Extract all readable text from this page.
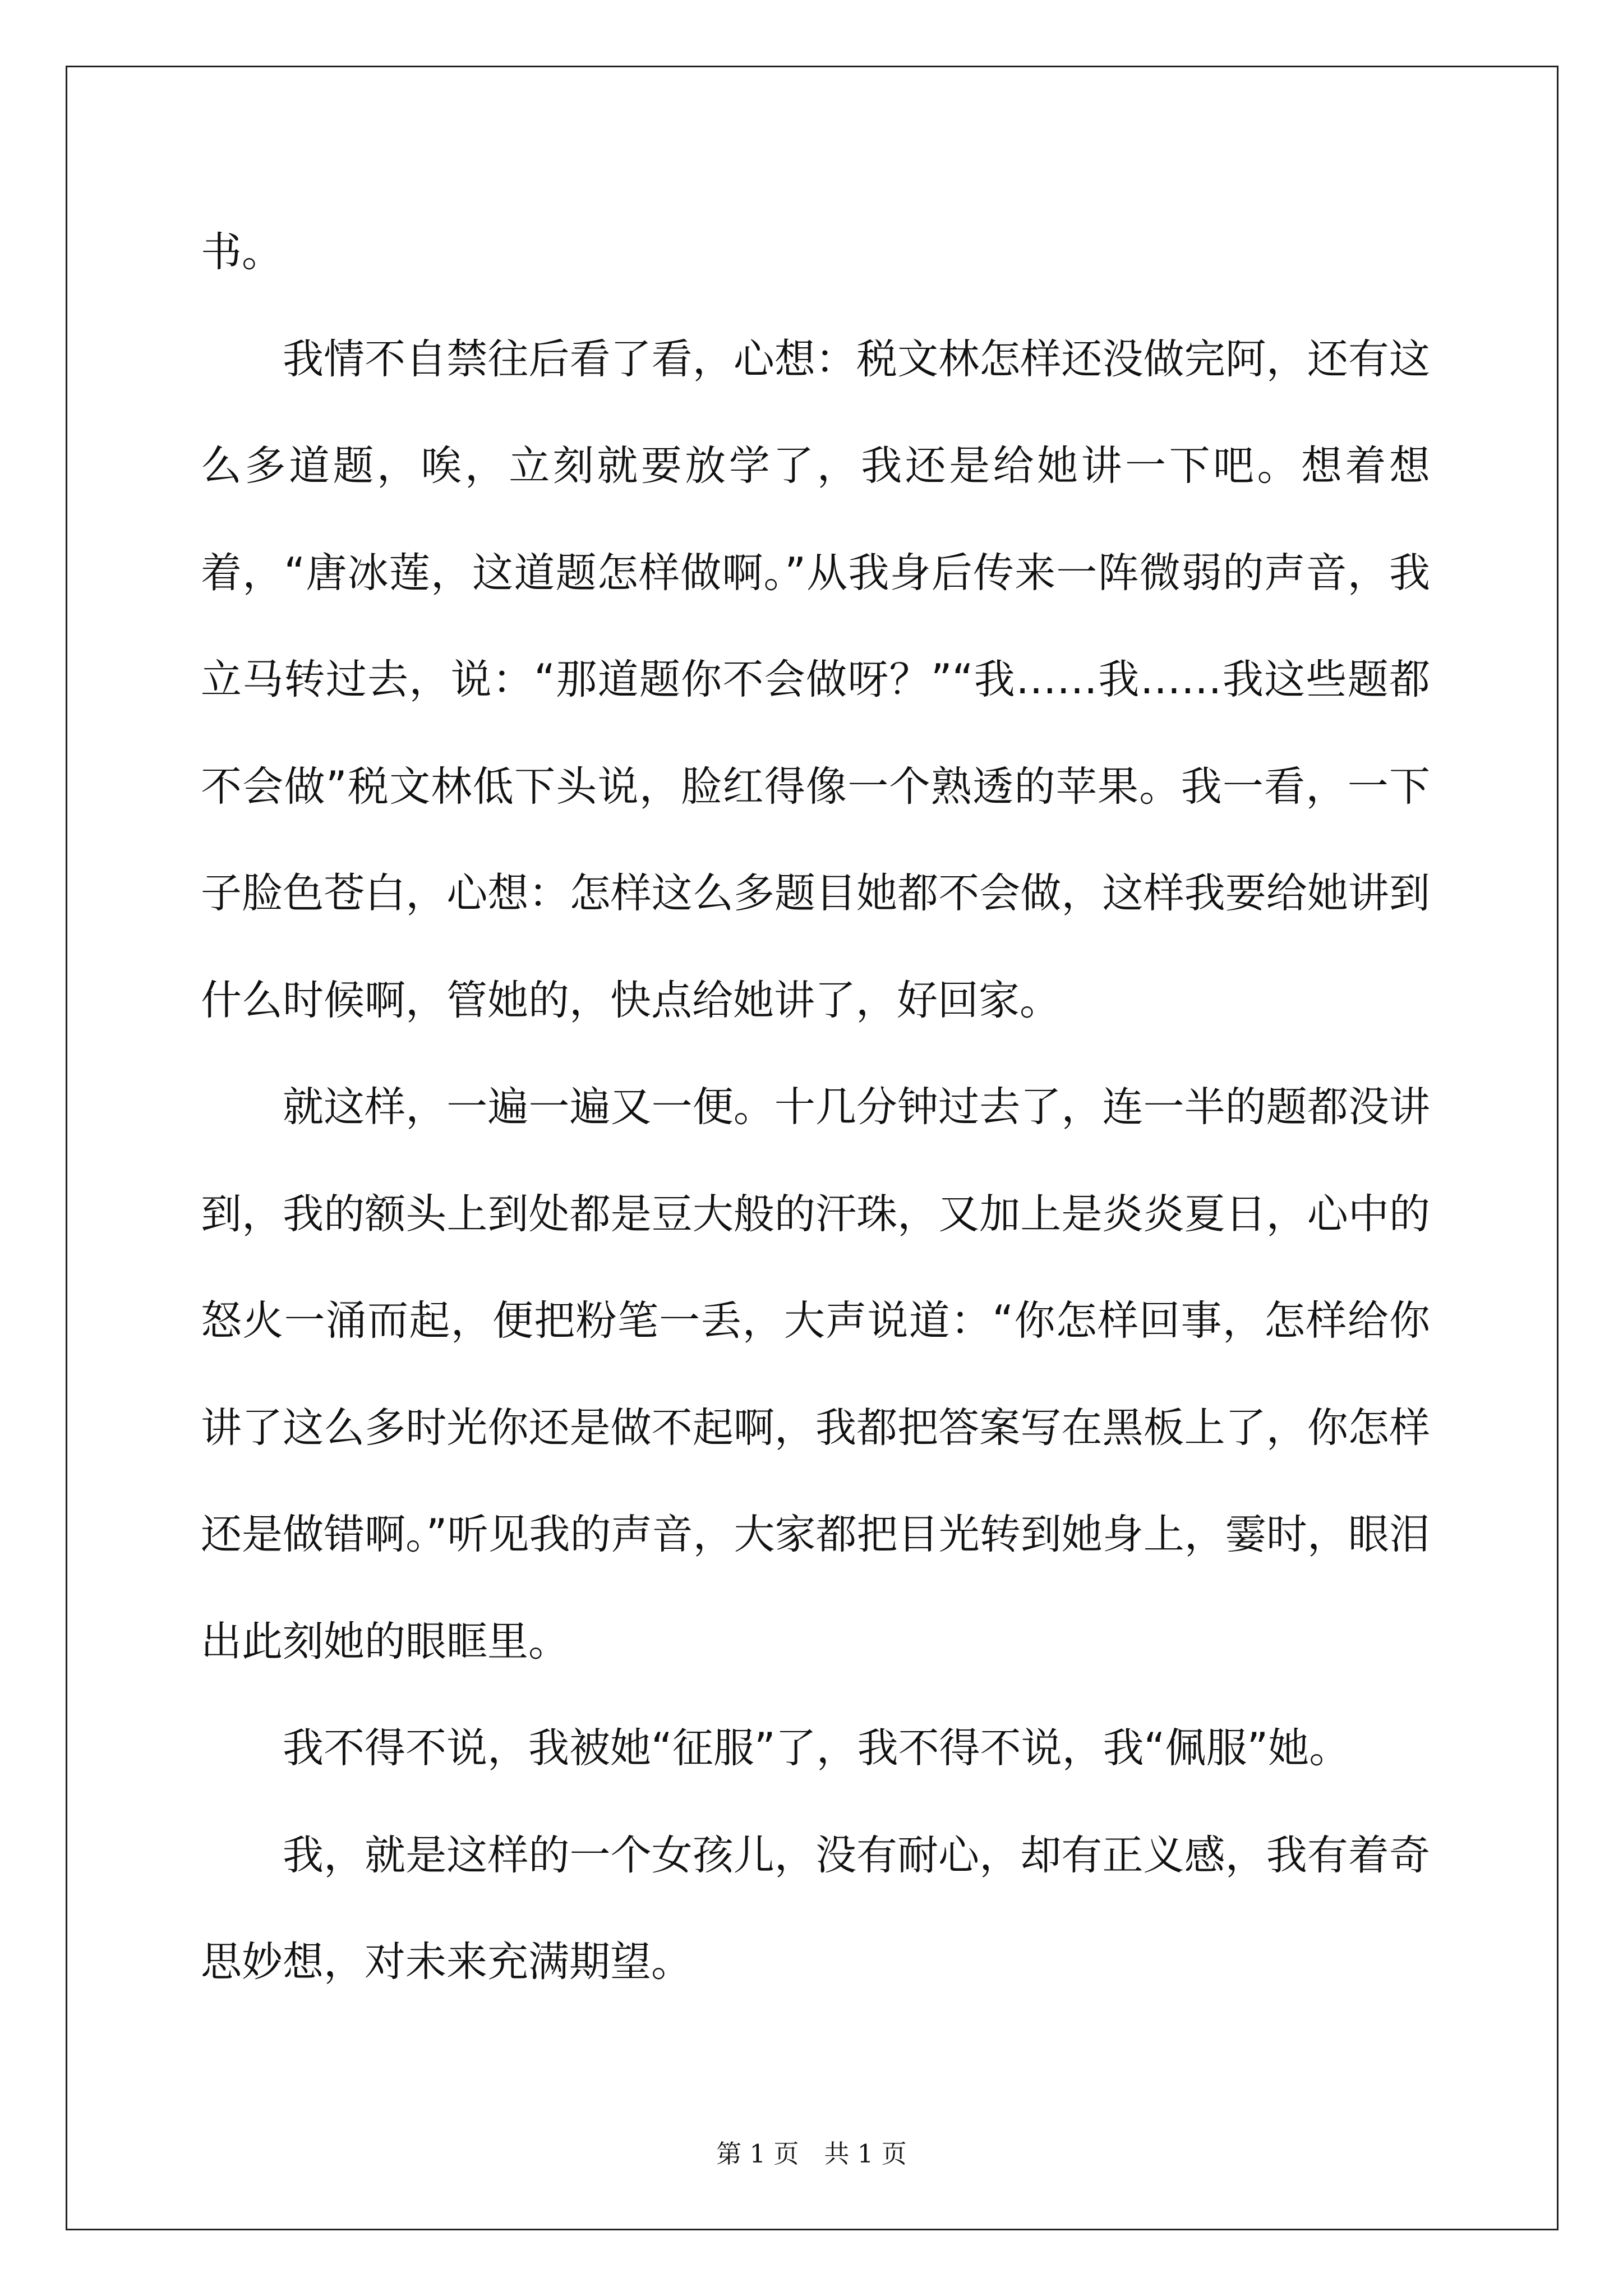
书。

我情不自禁往后看了看，心想：税文林怎样还没做完阿，还有这么多道题，唉，立刻就要放学了，我还是给她讲一下吧。想着想着，“唐冰莲，这道题怎样做啊。”从我身后传来一阵微弱的声音，我立马转过去，说：“那道题你不会做呀？”“我……我……我这些题都不会做”税文林低下头说，脸红得像一个熟透的苹果。我一看，一下子脸色苍白，心想：怎样这么多题目她都不会做，这样我要给她讲到什么时候啊，管她的，快点给她讲了，好回家。

就这样，一遍一遍又一便。十几分钟过去了，连一半的题都没讲到，我的额头上到处都是豆大般的汗珠，又加上是炎炎夏日，心中的怒火一涌而起，便把粉笔一丢，大声说道：“你怎样回事，怎样给你讲了这么多时光你还是做不起啊，我都把答案写在黑板上了，你怎样还是做错啊。”听见我的声音，大家都把目光转到她身上，霎时，眼泪出此刻她的眼眶里。

我不得不说，我被她“征服”了，我不得不说，我“佩服”她。

我，就是这样的一个女孩儿，没有耐心，却有正义感，我有着奇思妙想，对未来充满期望。

第 1 页　共 1 页
